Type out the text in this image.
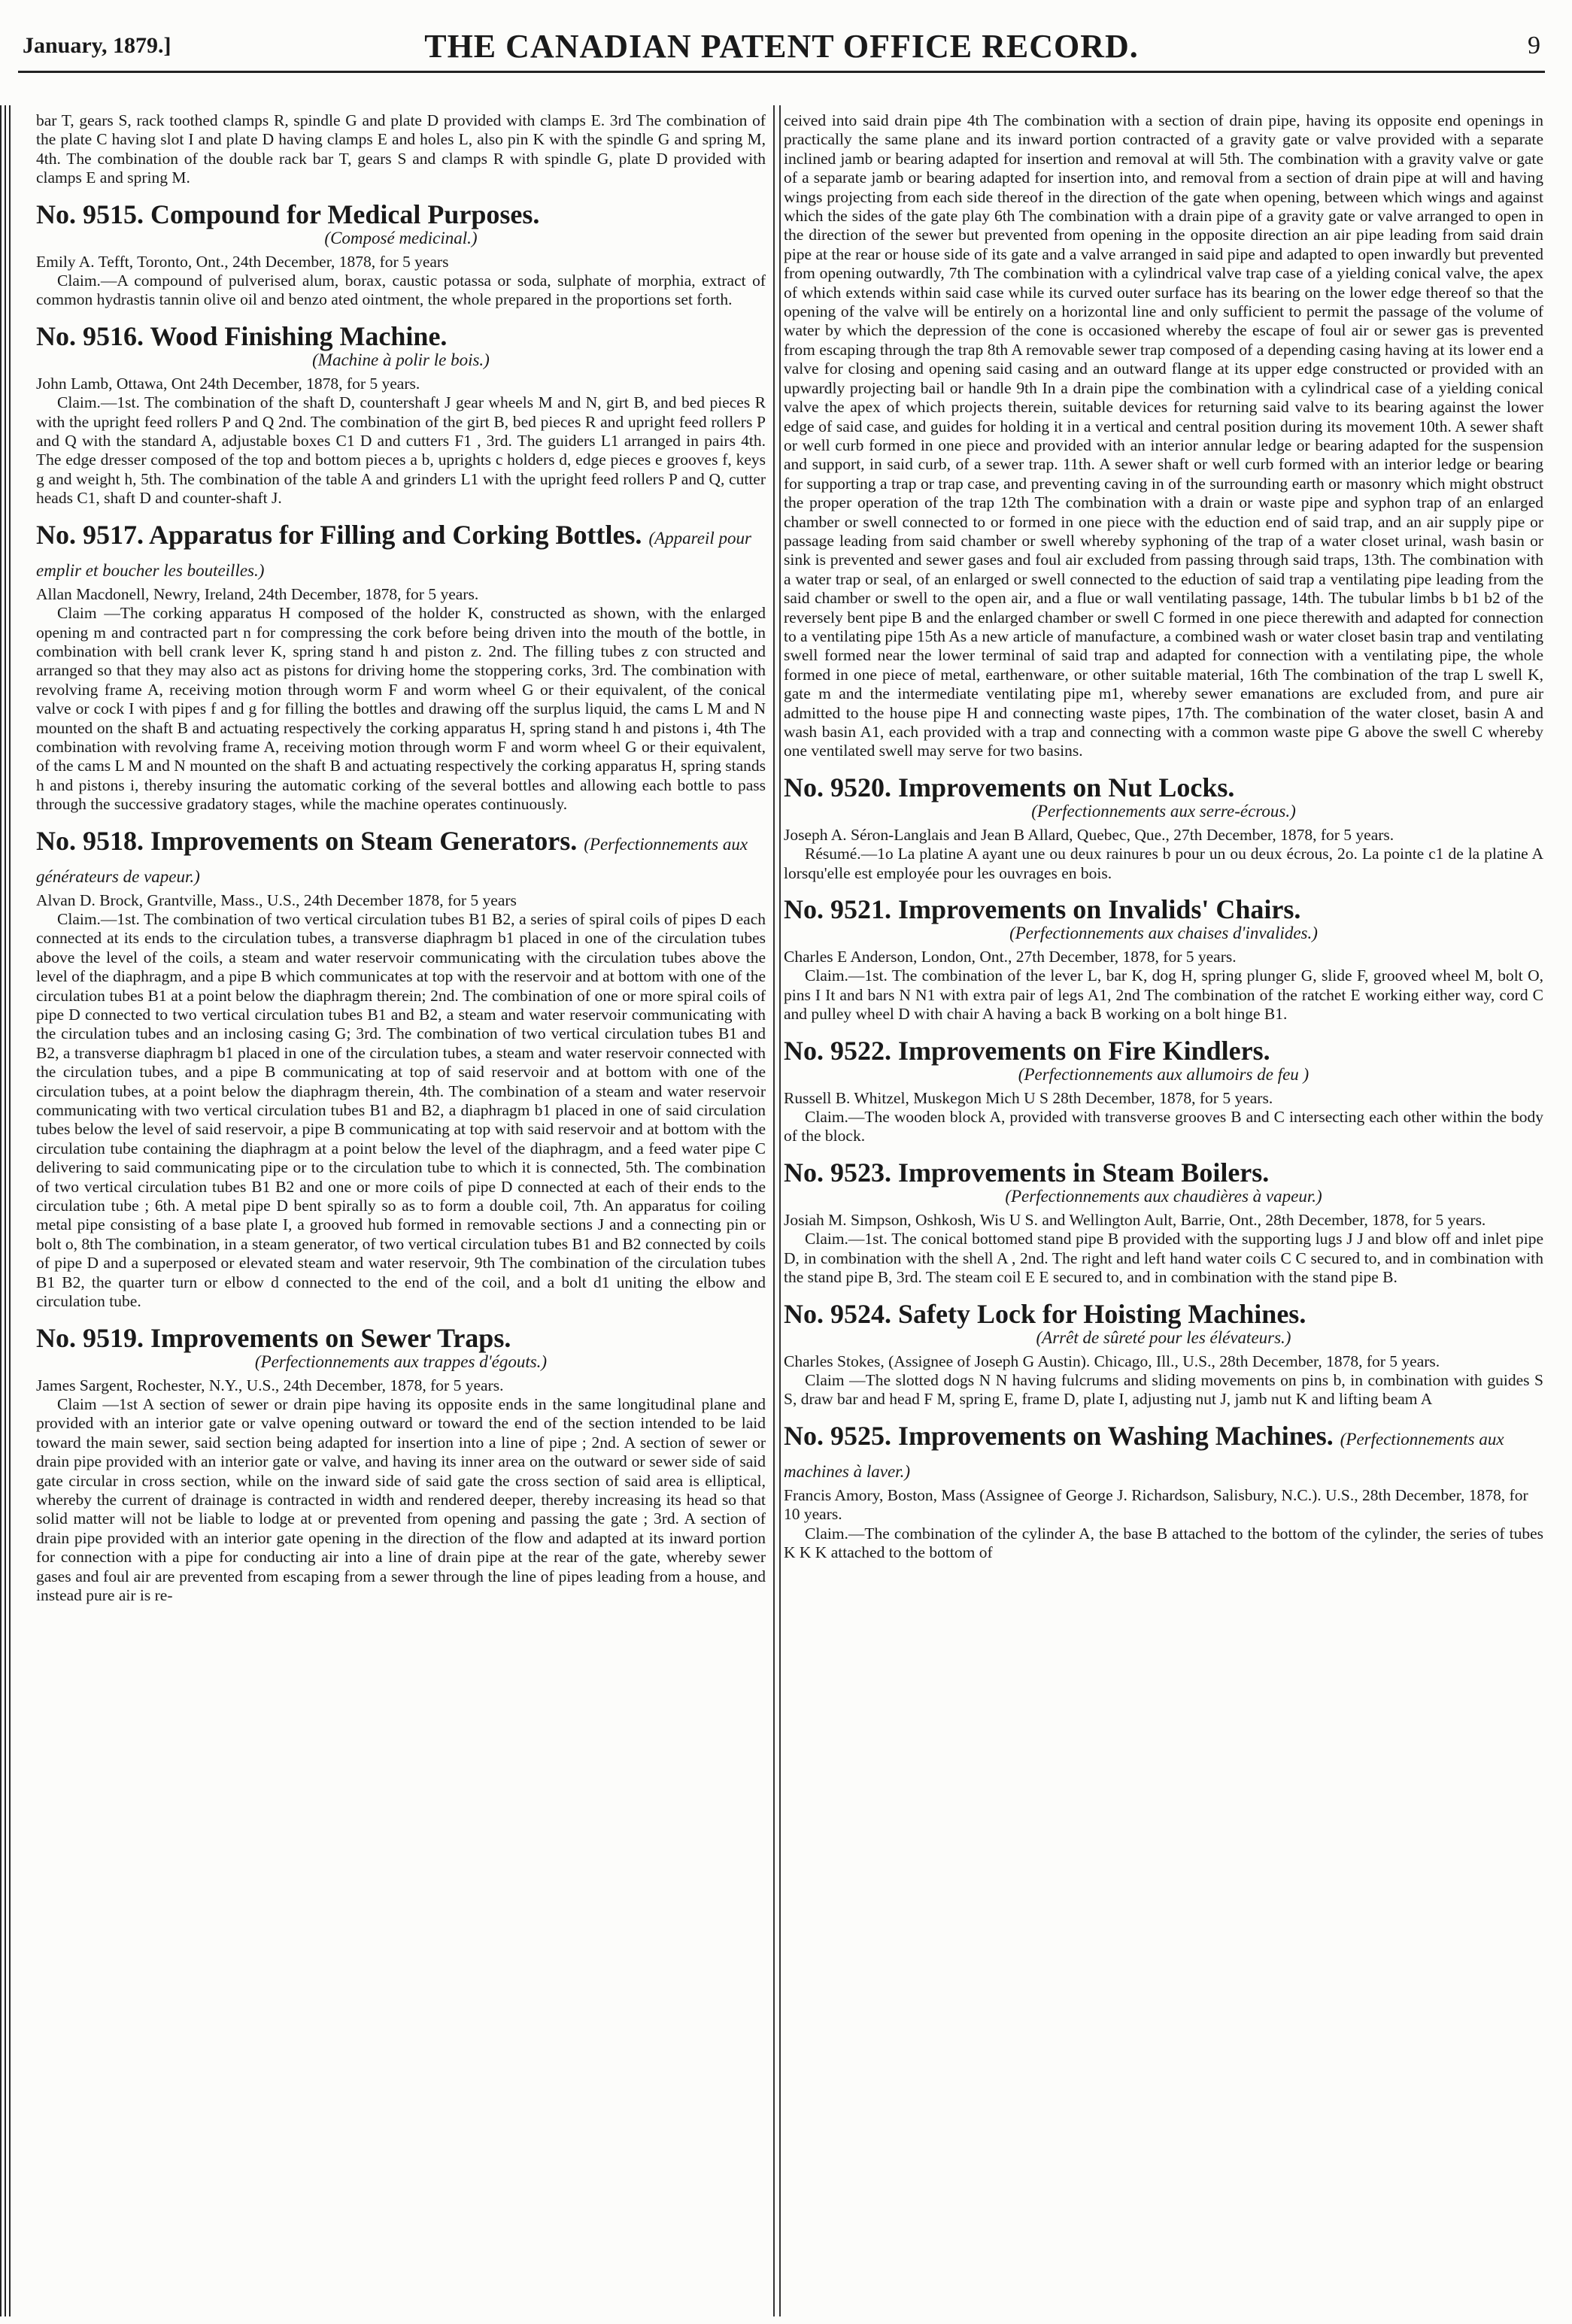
January, 1879.]	THE CANADIAN PATENT OFFICE RECORD.	9

bar T, gears S, rack toothed clamps R, spindle G and plate D provided with clamps E. 3rd The combination of the plate C having slot I and plate D having clamps E and holes L, also pin K with the spindle G and spring M, 4th. The combination of the double rack bar T, gears S and clamps R with spindle G, plate D provided with clamps E and spring M.

No. 9515. Compound for Medical Purposes.

(Composé medicinal.)

Emily A. Tefft, Toronto, Ont., 24th December, 1878, for 5 years

Claim.—A compound of pulverised alum, borax, caustic potassa or soda, sulphate of morphia, extract of common hydrastis tannin olive oil and benzo ated ointment, the whole prepared in the proportions set forth.

No. 9516. Wood Finishing Machine.

(Machine à polir le bois.)

John Lamb, Ottawa, Ont 24th December, 1878, for 5 years.

Claim.—1st. The combination of the shaft D, countershaft J gear wheels M and N, girt B, and bed pieces R with the upright feed rollers P and Q 2nd. The combination of the girt B, bed pieces R and upright feed rollers P and Q with the standard A, adjustable boxes C1 D and cutters F1 , 3rd. The guiders L1 arranged in pairs 4th. The edge dresser composed of the top and bottom pieces a b, uprights c holders d, edge pieces e grooves f, keys g and weight h, 5th. The combination of the table A and grinders L1 with the upright feed rollers P and Q, cutter heads C1, shaft D and counter-shaft J.

No. 9517. Apparatus for Filling and Corking Bottles. (Appareil pour emplir et boucher les bouteilles.)

Allan Macdonell, Newry, Ireland, 24th December, 1878, for 5 years.

Claim —The corking apparatus H composed of the holder K, constructed as shown, with the enlarged opening m and contracted part n for compressing the cork before being driven into the mouth of the bottle, in combination with bell crank lever K, spring stand h and piston z. 2nd. The filling tubes z con structed and arranged so that they may also act as pistons for driving home the stoppering corks, 3rd. The combination with revolving frame A, receiving motion through worm F and worm wheel G or their equivalent, of the conical valve or cock I with pipes f and g for filling the bottles and drawing off the surplus liquid, the cams L M and N mounted on the shaft B and actuating respectively the corking apparatus H, spring stand h and pistons i, 4th The combination with revolving frame A, receiving motion through worm F and worm wheel G or their equivalent, of the cams L M and N mounted on the shaft B and actuating respectively the corking apparatus H, spring stands h and pistons i, thereby insuring the automatic corking of the several bottles and allowing each bottle to pass through the successive gradatory stages, while the machine operates continuously.

No. 9518. Improvements on Steam Generators. (Perfectionnements aux générateurs de vapeur.)

Alvan D. Brock, Grantville, Mass., U.S., 24th December 1878, for 5 years

Claim.—1st. The combination of two vertical circulation tubes B1 B2, a series of spiral coils of pipes D each connected at its ends to the circulation tubes, a transverse diaphragm b1 placed in one of the circulation tubes above the level of the coils, a steam and water reservoir communicating with the circulation tubes above the level of the diaphragm, and a pipe B which communicates at top with the reservoir and at bottom with one of the circulation tubes B1 at a point below the diaphragm therein; 2nd. The combination of one or more spiral coils of pipe D connected to two vertical circulation tubes B1 and B2, a steam and water reservoir communicating with the circulation tubes and an inclosing casing G; 3rd. The combination of two vertical circulation tubes B1 and B2, a transverse diaphragm b1 placed in one of the circulation tubes, a steam and water reservoir connected with the circulation tubes, and a pipe B communicating at top of said reservoir and at bottom with one of the circulation tubes, at a point below the diaphragm therein, 4th. The combination of a steam and water reservoir communicating with two vertical circulation tubes B1 and B2, a diaphragm b1 placed in one of said circulation tubes below the level of said reservoir, a pipe B communicating at top with said reservoir and at bottom with the circulation tube containing the diaphragm at a point below the level of the diaphragm, and a feed water pipe C delivering to said communicating pipe or to the circulation tube to which it is connected, 5th. The combination of two vertical circulation tubes B1 B2 and one or more coils of pipe D connected at each of their ends to the circulation tube ; 6th. A metal pipe D bent spirally so as to form a double coil, 7th. An apparatus for coiling metal pipe consisting of a base plate I, a grooved hub formed in removable sections J and a connecting pin or bolt o, 8th The combination, in a steam generator, of two vertical circulation tubes B1 and B2 connected by coils of pipe D and a superposed or elevated steam and water reservoir, 9th The combination of the circulation tubes B1 B2, the quarter turn or elbow d connected to the end of the coil, and a bolt d1 uniting the elbow and circulation tube.

No. 9519. Improvements on Sewer Traps.

(Perfectionnements aux trappes d'égouts.)

James Sargent, Rochester, N.Y., U.S., 24th December, 1878, for 5 years.

Claim —1st A section of sewer or drain pipe having its opposite ends in the same longitudinal plane and provided with an interior gate or valve opening outward or toward the end of the section intended to be laid toward the main sewer, said section being adapted for insertion into a line of pipe ; 2nd. A section of sewer or drain pipe provided with an interior gate or valve, and having its inner area on the outward or sewer side of said gate circular in cross section, while on the inward side of said gate the cross section of said area is elliptical, whereby the current of drainage is contracted in width and rendered deeper, thereby increasing its head so that solid matter will not be liable to lodge at or prevented from opening and passing the gate ; 3rd. A section of drain pipe provided with an interior gate opening in the direction of the flow and adapted at its inward portion for connection with a pipe for conducting air into a line of drain pipe at the rear of the gate, whereby sewer gases and foul air are prevented from escaping from a sewer through the line of pipes leading from a house, and instead pure air is re-

ceived into said drain pipe 4th The combination with a section of drain pipe, having its opposite end openings in practically the same plane and its inward portion contracted of a gravity gate or valve provided with a separate inclined jamb or bearing adapted for insertion and removal at will 5th. The combination with a gravity valve or gate of a separate jamb or bearing adapted for insertion into, and removal from a section of drain pipe at will and having wings projecting from each side thereof in the direction of the gate when opening, between which wings and against which the sides of the gate play 6th The combination with a drain pipe of a gravity gate or valve arranged to open in the direction of the sewer but prevented from opening in the opposite direction an air pipe leading from said drain pipe at the rear or house side of its gate and a valve arranged in said pipe and adapted to open inwardly but prevented from opening outwardly, 7th The combination with a cylindrical valve trap case of a yielding conical valve, the apex of which extends within said case while its curved outer surface has its bearing on the lower edge thereof so that the opening of the valve will be entirely on a horizontal line and only sufficient to permit the passage of the volume of water by which the depression of the cone is occasioned whereby the escape of foul air or sewer gas is prevented from escaping through the trap 8th A removable sewer trap composed of a depending casing having at its lower end a valve for closing and opening said casing and an outward flange at its upper edge constructed or provided with an upwardly projecting bail or handle 9th In a drain pipe the combination with a cylindrical case of a yielding conical valve the apex of which projects therein, suitable devices for returning said valve to its bearing against the lower edge of said case, and guides for holding it in a vertical and central position during its movement 10th. A sewer shaft or well curb formed in one piece and provided with an interior annular ledge or bearing adapted for the suspension and support, in said curb, of a sewer trap. 11th. A sewer shaft or well curb formed with an interior ledge or bearing for supporting a trap or trap case, and preventing caving in of the surrounding earth or masonry which might obstruct the proper operation of the trap 12th The combination with a drain or waste pipe and syphon trap of an enlarged chamber or swell connected to or formed in one piece with the eduction end of said trap, and an air supply pipe or passage leading from said chamber or swell whereby syphoning of the trap of a water closet urinal, wash basin or sink is prevented and sewer gases and foul air excluded from passing through said traps, 13th. The combination with a water trap or seal, of an enlarged or swell connected to the eduction of said trap a ventilating pipe leading from the said chamber or swell to the open air, and a flue or wall ventilating passage, 14th. The tubular limbs b b1 b2 of the reversely bent pipe B and the enlarged chamber or swell C formed in one piece therewith and adapted for connection to a ventilating pipe 15th As a new article of manufacture, a combined wash or water closet basin trap and ventilating swell formed near the lower terminal of said trap and adapted for connection with a ventilating pipe, the whole formed in one piece of metal, earthenware, or other suitable material, 16th The combination of the trap L swell K, gate m and the intermediate ventilating pipe m1, whereby sewer emanations are excluded from, and pure air admitted to the house pipe H and connecting waste pipes, 17th. The combination of the water closet, basin A and wash basin A1, each provided with a trap and connecting with a common waste pipe G above the swell C whereby one ventilated swell may serve for two basins.

No. 9520. Improvements on Nut Locks.

(Perfectionnements aux serre-écrous.)

Joseph A. Séron-Langlais and Jean B Allard, Quebec, Que., 27th December, 1878, for 5 years.

Résumé.—1o La platine A ayant une ou deux rainures b pour un ou deux écrous, 2o. La pointe c1 de la platine A lorsqu'elle est employée pour les ouvrages en bois.

No. 9521. Improvements on Invalids' Chairs.

(Perfectionnements aux chaises d'invalides.)

Charles E Anderson, London, Ont., 27th December, 1878, for 5 years.

Claim.—1st. The combination of the lever L, bar K, dog H, spring plunger G, slide F, grooved wheel M, bolt O, pins I It and bars N N1 with extra pair of legs A1, 2nd The combination of the ratchet E working either way, cord C and pulley wheel D with chair A having a back B working on a bolt hinge B1.

No. 9522. Improvements on Fire Kindlers.

(Perfectionnements aux allumoirs de feu )

Russell B. Whitzel, Muskegon Mich U S 28th December, 1878, for 5 years.

Claim.—The wooden block A, provided with transverse grooves B and C intersecting each other within the body of the block.

No. 9523. Improvements in Steam Boilers.

(Perfectionnements aux chaudières à vapeur.)

Josiah M. Simpson, Oshkosh, Wis U S. and Wellington Ault, Barrie, Ont., 28th December, 1878, for 5 years.

Claim.—1st. The conical bottomed stand pipe B provided with the supporting lugs J J and blow off and inlet pipe D, in combination with the shell A , 2nd. The right and left hand water coils C C secured to, and in combination with the stand pipe B, 3rd. The steam coil E E secured to, and in combination with the stand pipe B.

No. 9524. Safety Lock for Hoisting Machines.

(Arrêt de sûreté pour les élévateurs.)

Charles Stokes, (Assignee of Joseph G Austin). Chicago, Ill., U.S., 28th December, 1878, for 5 years.

Claim —The slotted dogs N N having fulcrums and sliding movements on pins b, in combination with guides S S, draw bar and head F M, spring E, frame D, plate I, adjusting nut J, jamb nut K and lifting beam A

No. 9525. Improvements on Washing Machines. (Perfectionnements aux machines à laver.)

Francis Amory, Boston, Mass (Assignee of George J. Richardson, Salisbury, N.C.). U.S., 28th December, 1878, for 10 years.

Claim.—The combination of the cylinder A, the base B attached to the bottom of the cylinder, the series of tubes K K K attached to the bottom of
